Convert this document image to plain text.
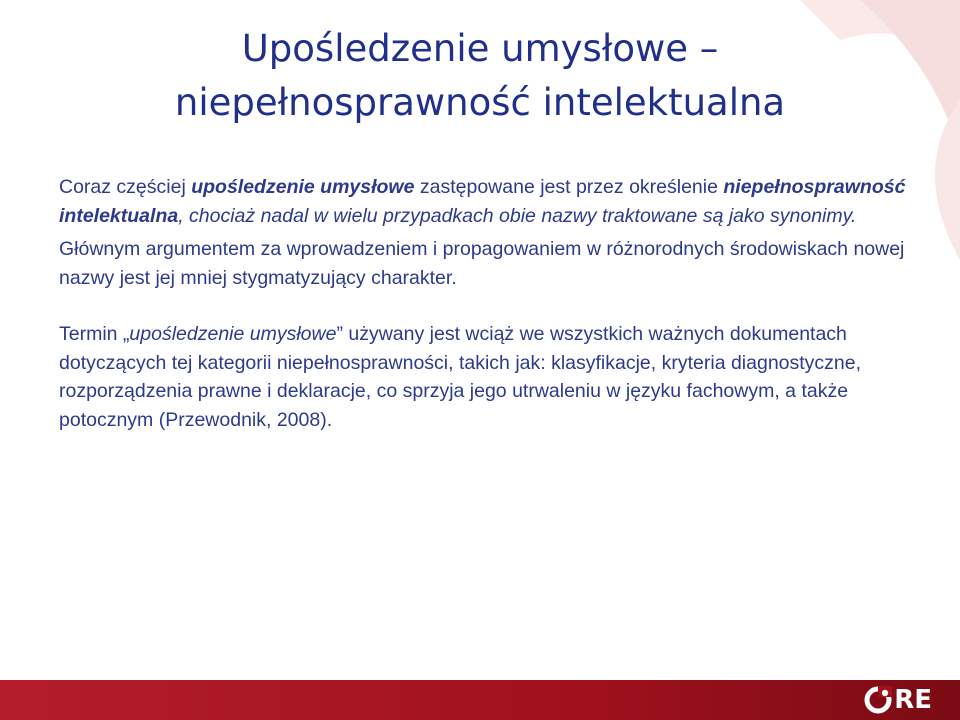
Upośledzenie umysłowe –
niepełnosprawność intelektualna

Coraz częściej upośledzenie umysłowe zastępowane jest przez określenie niepełnosprawność intelektualna, chociaż nadal w wielu przypadkach obie nazwy traktowane są jako synonimy.

Głównym argumentem za wprowadzeniem i propagowaniem w różnorodnych środowiskach nowej nazwy jest jej mniej stygmatyzujący charakter.

Termin „upośledzenie umysłowe” używany jest wciąż we wszystkich ważnych dokumentach dotyczących tej kategorii niepełnosprawności, takich jak: klasyfikacje, kryteria diagnostyczne, rozporządzenia prawne i deklaracje, co sprzyja jego utrwaleniu w języku fachowym, a także potocznym (Przewodnik, 2008).

RE
